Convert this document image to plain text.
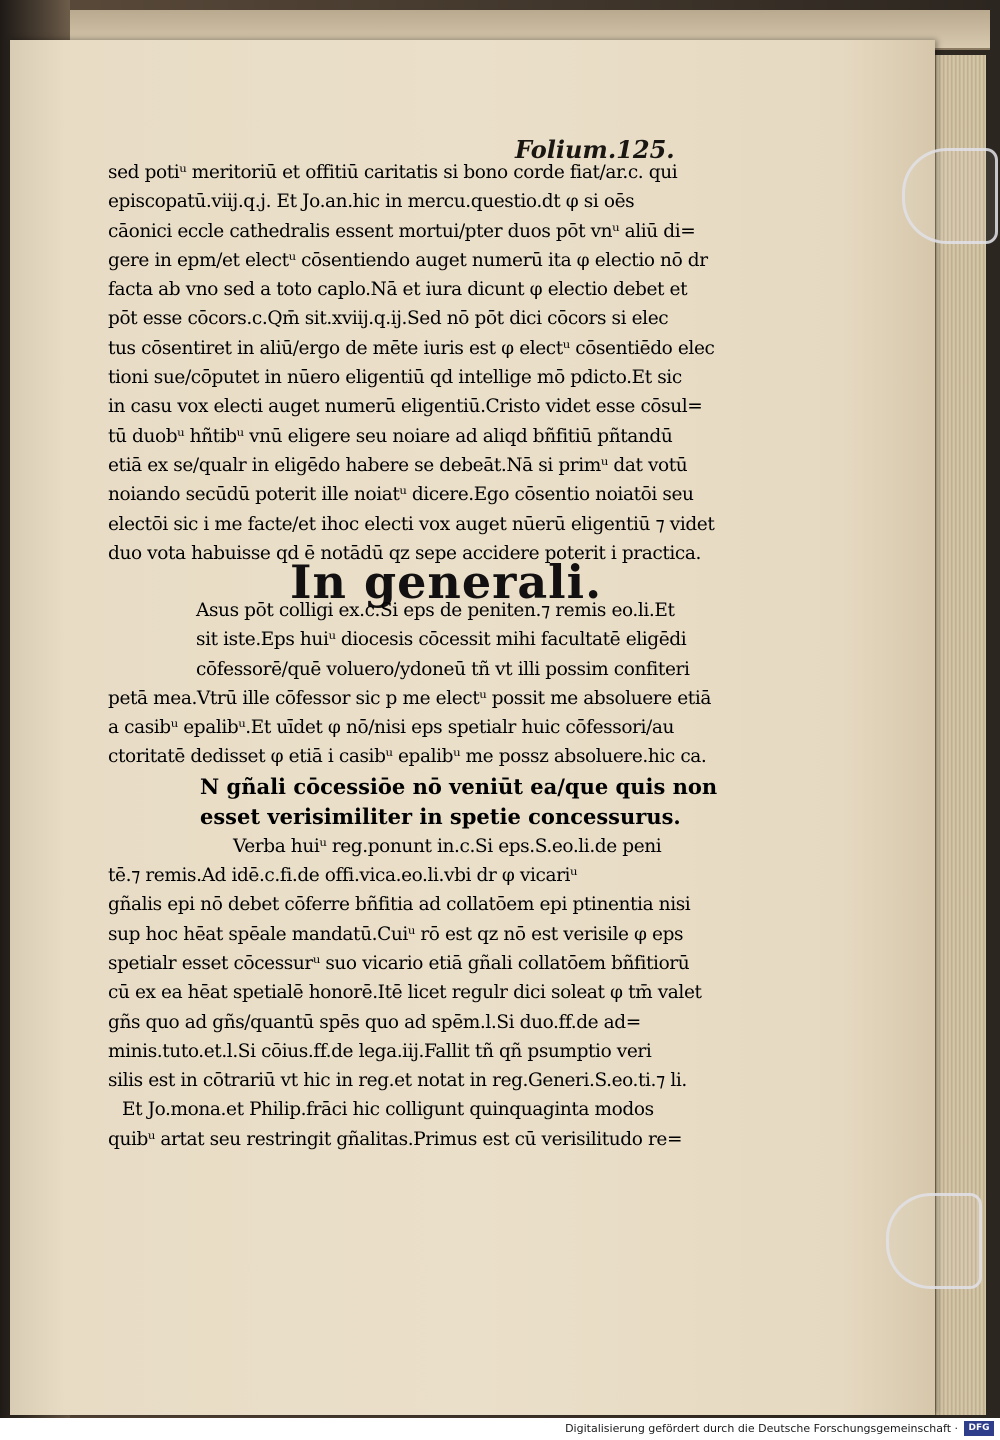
Folium.125.
sed potiᵘ meritoriū et offitiū caritatis si bono corde fiat/ar.c. qui
episcopatū.viij.q.j. Et Jo.an.hic in mercu.questio.dt φ si oēs
cāonici eccle cathedralis essent mortui/pter duos pōt vnᵘ aliū di=
gere in epm/et electᵘ cōsentiendo auget numerū ita φ electio nō dr
facta ab vno sed a toto caplo.Nā et iura dicunt φ electio debet et
pōt esse cōcors.c.Qm̄ sit.xviij.q.ij.Sed nō pōt dici cōcors si elec
tus cōsentiret in aliū/ergo de mēte iuris est φ electᵘ cōsentiēdo elec
tioni sue/cōputet in nūero eligentiū qd intellige mō pdicto.Et sic
in casu vox electi auget numerū eligentiū.Cristo videt esse cōsul=
tū duobᵘ hñtibᵘ vnū eligere seu noiare ad aliqd bñfitiū pñtandū
etiā ex se/qualr in eligēdo habere se debeāt.Nā si primᵘ dat votū
noiando secūdū poterit ille noiatᵘ dicere.Ego cōsentio noiatōi seu
electōi sic i me facte/et ihoc electi vox auget nūerū eligentiū ⁊ videt
duo vota habuisse qd ē notādū qz sepe accidere poterit i practica.
In generali.
Asus pōt colligi ex.c.Si eps de peniten.⁊ remis eo.li.Et
sit iste.Eps huiᵘ diocesis cōcessit mihi facultatē eligēdi
cōfessorē/quē voluero/ydoneū tñ vt illi possim confiteri
petā mea.Vtrū ille cōfessor sic p me electᵘ possit me absoluere etiā
a casibᵘ epalibᵘ.Et uīdet φ nō/nisi eps spetialr huic cōfessori/au
ctoritatē dedisset φ etiā i casibᵘ epalibᵘ me possz absoluere.hic ca.
N gñali cōcessiōe nō veniūt ea/que quis non
esset verisimiliter in spetie concessurus.
Verba huiᵘ reg.ponunt in.c.Si eps.S.eo.li.de peni
tē.⁊ remis.Ad idē.c.fi.de offi.vica.eo.li.vbi dr φ vicariᵘ
gñalis epi nō debet cōferre bñfitia ad collatōem epi ptinentia nisi
sup hoc hēat spēale mandatū.Cuiᵘ rō est qz nō est verisile φ eps
spetialr esset cōcessurᵘ suo vicario etiā gñali collatōem bñfitiorū
cū ex ea hēat spetialē honorē.Itē licet regulr dici soleat φ tm̄ valet
gñs quo ad gñs/quantū spēs quo ad spēm.l.Si duo.ff.de ad=
minis.tuto.et.l.Si cōius.ff.de lega.iij.Fallit tñ qñ psumptio veri
silis est in cōtrariū vt hic in reg.et notat in reg.Generi.S.eo.ti.⁊ li.
Et Jo.mona.et Philip.frāci hic colligunt quinquaginta modos
quibᵘ artat seu restringit gñalitas.Primus est cū verisilitudo re=
Digitalisierung gefördert durch die Deutsche Forschungsgemeinschaft ·	DFG
